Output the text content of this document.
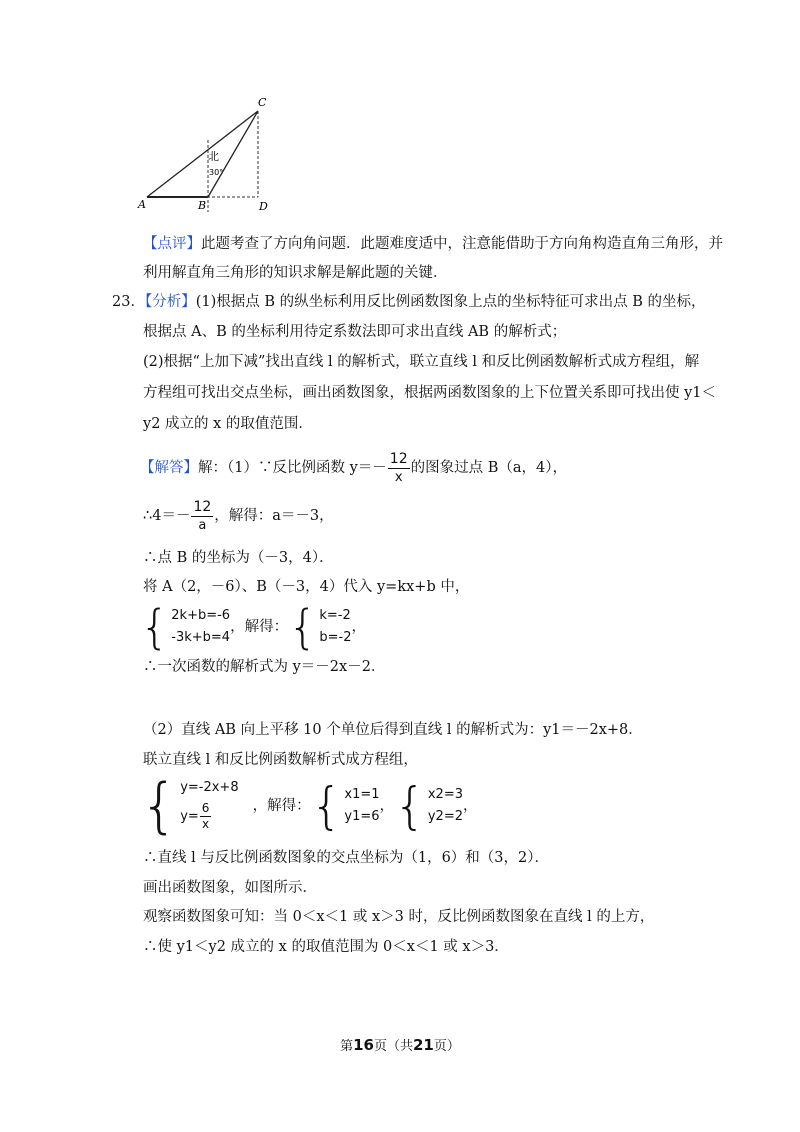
A	B
C
D
北
30°
【点评】此题考查了方向角问题．此题难度适中，注意能借助于方向角构造直角三角形，并
利用解直角三角形的知识求解是解此题的关键．
23．【分析】(1)根据点 B 的纵坐标利用反比例函数图象上点的坐标特征可求出点 B 的坐标，
根据点 A、B 的坐标利用待定系数法即可求出直线 AB 的解析式；
(2)根据“上加下减”找出直线 l 的解析式，联立直线 l 和反比例函数解析式成方程组，解
方程组可找出交点坐标，画出函数图象，根据两函数图象的上下位置关系即可找出使 y1＜
y2 成立的 x 的取值范围．
【解答】解：（1）∵反比例函数 $y=- \frac{12}{x}$ 的图象过点 B（a，4），
∴4＝－ $\frac{12}{a}$ ，解得：a＝－3，
∴点 B 的坐标为（－3，4）．
将 A（2，－6）、B（－3，4）代入 y=kx+b 中，
{ 2k+b=-6
-3k+b=4
，解得： { k=-2
b=-2
，
∴一次函数的解析式为 y＝－2x－2．
（2）直线 AB 向上平移 10 个单位后得到直线 l 的解析式为：y1＝－2x+8．
联立直线 l 和反比例函数解析式成方程组，
{ y=-2x+8
$y= \frac{6}{x}$	，解得： { x1=1
y1=6
， { x2=3
y2=2
，
∴直线 l 与反比例函数图象的交点坐标为（1，6）和（3，2）．
画出函数图象，如图所示．
观察函数图象可知：当 0＜x＜1 或 x＞3 时，反比例函数图象在直线 l 的上方，
∴使 y1＜y2 成立的 x 的取值范围为 0＜x＜1 或 x＞3．
第16页（共21页）
